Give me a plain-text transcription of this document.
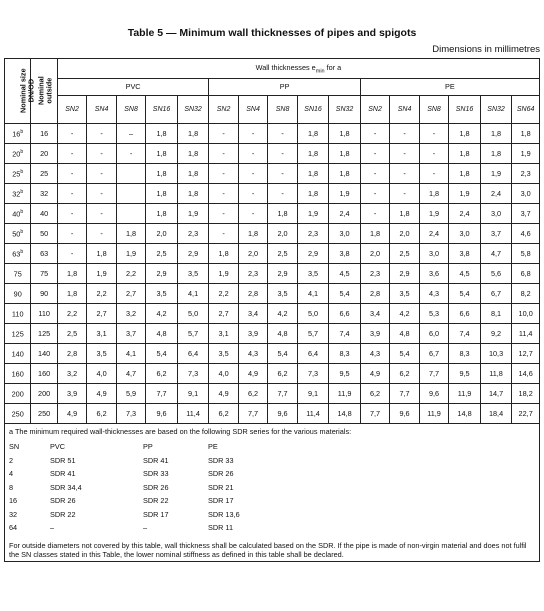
Table 5 — Minimum wall thicknesses of pipes and spigots
Dimensions in millimetres
Nominal size
DN/OD	Nominal
outside	Wall thicknesses $e_{min}$ for a
PVC	PP	PE
SN2	SN4	SN8	SN16	SN32	SN2	SN4	SN8	SN16	SN32	SN2	SN4	SN8	SN16	SN32	SN64
16$^b$	16	-	-	–	1,8	1,8	-	-	-	1,8	1,8	-	-	-	1,8	1,8	1,8
20$^b$	20	-	-	-	1,8	1,8	-	-	-	1,8	1,8	-	-	-	1,8	1,8	1,9
25$^b$	25	-	-		1,8	1,8	-	-	-	1,8	1,8	-	-	-	1,8	1,9	2,3
32$^b$	32	-	-		1,8	1,8	-	-	-	1,8	1,9	-	-	1,8	1,9	2,4	3,0
40$^b$	40	-	-		1,8	1,9	-	-	1,8	1,9	2,4	-	1,8	1,9	2,4	3,0	3,7
50$^b$	50	-	-	1,8	2,0	2,3	-	1,8	2,0	2,3	3,0	1,8	2,0	2,4	3,0	3,7	4,6
63$^b$	63	-	1,8	1,9	2,5	2,9	1,8	2,0	2,5	2,9	3,8	2,0	2,5	3,0	3,8	4,7	5,8
75	75	1,8	1,9	2,2	2,9	3,5	1,9	2,3	2,9	3,5	4,5	2,3	2,9	3,6	4,5	5,6	6,8
90	90	1,8	2,2	2,7	3,5	4,1	2,2	2,8	3,5	4,1	5,4	2,8	3,5	4,3	5,4	6,7	8,2
110	110	2,2	2,7	3,2	4,2	5,0	2,7	3,4	4,2	5,0	6,6	3,4	4,2	5,3	6,6	8,1	10,0
125	125	2,5	3,1	3,7	4,8	5,7	3,1	3,9	4,8	5,7	7,4	3,9	4,8	6,0	7,4	9,2	11,4
140	140	2,8	3,5	4,1	5,4	6,4	3,5	4,3	5,4	6,4	8,3	4,3	5,4	6,7	8,3	10,3	12,7
160	160	3,2	4,0	4,7	6,2	7,3	4,0	4,9	6,2	7,3	9,5	4,9	6,2	7,7	9,5	11,8	14,6
200	200	3,9	4,9	5,9	7,7	9,1	4,9	6,2	7,7	9,1	11,9	6,2	7,7	9,6	11,9	14,7	18,2
250	250	4,9	6,2	7,3	9,6	11,4	6,2	7,7	9,6	11,4	14,8	7,7	9,6	11,9	14,8	18,4	22,7

a The minimum required wall-thicknesses are based on the following SDR series for the various materials:
SN	PVC	PP	PE
2	SDR 51	SDR 41	SDR 33
4	SDR 41	SDR 33	SDR 26
8	SDR 34,4	SDR 26	SDR 21
16	SDR 26	SDR 22	SDR 17
32	SDR 22	SDR 17	SDR 13,6
64	–	–	SDR 11
For outside diameters not covered by this table, wall thickness shall be calculated based on the SDR. If the pipe is made of non-virgin material and does not fulfil the SN classes stated in this Table, the lower nominal stiffness as defined in this table shall be declared.
